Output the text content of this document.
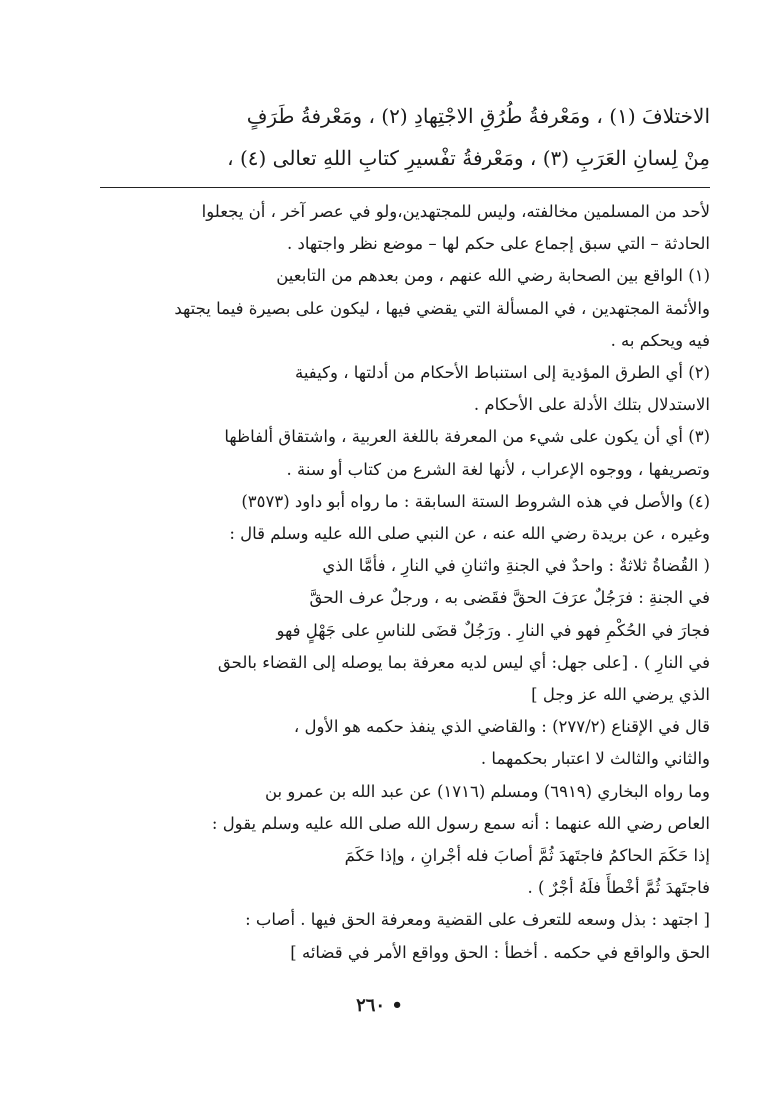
الاختلافَ (١) ، ومَعْرفةُ طُرُقِ الاجْتِهادِ (٢) ، ومَعْرفةُ طَرَفٍ
مِنْ لِسانِ العَرَبِ (٣) ، ومَعْرفةُ تفْسيرِ كتابِ اللهِ تعالى (٤) ،
لأحد من المسلمين مخالفته، وليس للمجتهدين،ولو في عصر آخر ، أن يجعلوا
الحادثة – التي سبق إجماع على حكم لها – موضع نظر واجتهاد .
(١) الواقع بين الصحابة رضي الله عنهم ، ومن بعدهم من التابعين
والأئمة المجتهدين ، في المسألة التي يقضي فيها ، ليكون على بصيرة فيما يجتهد
فيه ويحكم به .
(٢) أي الطرق المؤدية إلى استنباط الأحكام من أدلتها ، وكيفية
الاستدلال بتلك الأدلة على الأحكام .
(٣) أي أن يكون على شيء من المعرفة باللغة العربية ، واشتقاق ألفاظها
وتصريفها ، ووجوه الإعراب ، لأنها لغة الشرع من كتاب أو سنة .
(٤) والأصل في هذه الشروط الستة السابقة : ما رواه أبو داود (٣٥٧٣)
وغيره ، عن بريدة رضي الله عنه ، عن النبي صلى الله عليه وسلم قال :
( القُضاةُ ثلاثةٌ : واحدٌ في الجنةِ واثنانِ في النارِ ، فأمَّا الذي
في الجنةِ : فرَجُلٌ عرَفَ الحقَّ فقَضى به ، ورجلٌ عرف الحقَّ
فجارَ في الحُكْمِ فهو في النارِ . ورَجُلٌ قضَى للناسِ على جَهْلٍ فهو
في النارِ ) . [على جهل: أي ليس لديه معرفة بما يوصله إلى القضاء بالحق
الذي يرضي الله عز وجل ]
قال في الإقناع (٢٧٧/٢) : والقاضي الذي ينفذ حكمه هو الأول ،
والثاني والثالث لا اعتبار بحكمهما .
وما رواه البخاري (٦٩١٩) ومسلم (١٧١٦) عن عبد الله بن عمرو بن
العاص رضي الله عنهما : أنه سمع رسول الله صلى الله عليه وسلم يقول :
إذا حَكَمَ الحاكمُ فاجتَهدَ ثُمَّ أصابَ فله أجْرانِ ، وإذا حَكَمَ
فاجتَهدَ ثُمَّ أخْطأَ فلَهُ أجْرٌ ) .
[ اجتهد : بذل وسعه للتعرف على القضية ومعرفة الحق فيها . أصاب :
الحق والواقع في حكمه . أخطأ : الحق وواقع الأمر في قضائه ]
• ٢٦٠
